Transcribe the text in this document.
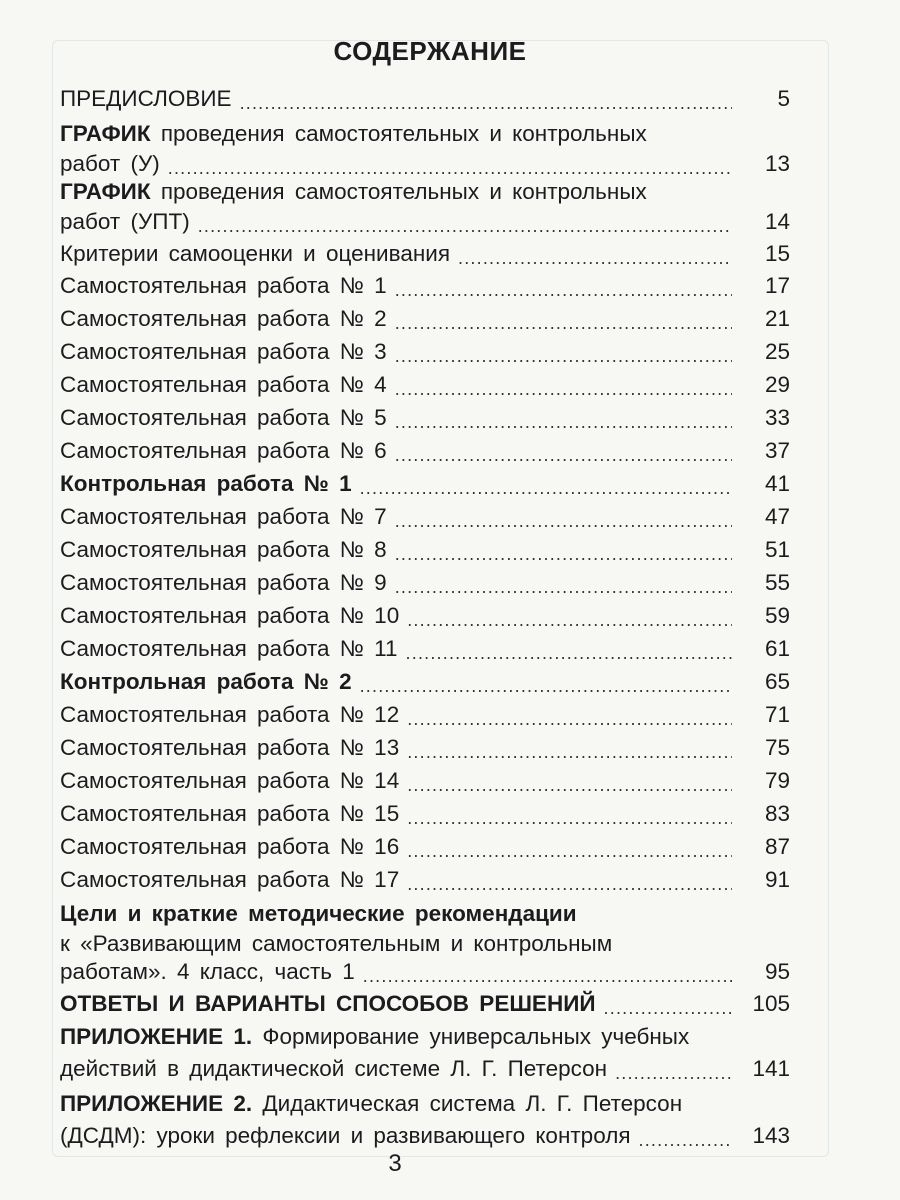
СОДЕРЖАНИЕ
ПРЕДИСЛОВИЕ .....	5
ГРАФИК проведения самостоятельных и контрольных
работ (У) .....	13
ГРАФИК проведения самостоятельных и контрольных
работ (УПТ) .....	14
Критерии самооценки и оценивания .....	15
Самостоятельная работа № 1 .....	17
Самостоятельная работа № 2 .....	21
Самостоятельная работа № 3 .....	25
Самостоятельная работа № 4 .....	29
Самостоятельная работа № 5 .....	33
Самостоятельная работа № 6 .....	37
Контрольная работа № 1 .....	41
Самостоятельная работа № 7 .....	47
Самостоятельная работа № 8 .....	51
Самостоятельная работа № 9 .....	55
Самостоятельная работа № 10 .....	59
Самостоятельная работа № 11 .....	61
Контрольная работа № 2 .....	65
Самостоятельная работа № 12 .....	71
Самостоятельная работа № 13 .....	75
Самостоятельная работа № 14 .....	79
Самостоятельная работа № 15 .....	83
Самостоятельная работа № 16 .....	87
Самостоятельная работа № 17 .....	91
Цели и краткие методические рекомендации
к «Развивающим самостоятельным и контрольным
работам». 4 класс, часть 1 .....	95
ОТВЕТЫ И ВАРИАНТЫ СПОСОБОВ РЕШЕНИЙ .....	105
ПРИЛОЖЕНИЕ 1. Формирование универсальных учебных
действий в дидактической системе Л. Г. Петерсон .....	141
ПРИЛОЖЕНИЕ 2. Дидактическая система Л. Г. Петерсон
(ДСДМ): уроки рефлексии и развивающего контроля .....	143
3
